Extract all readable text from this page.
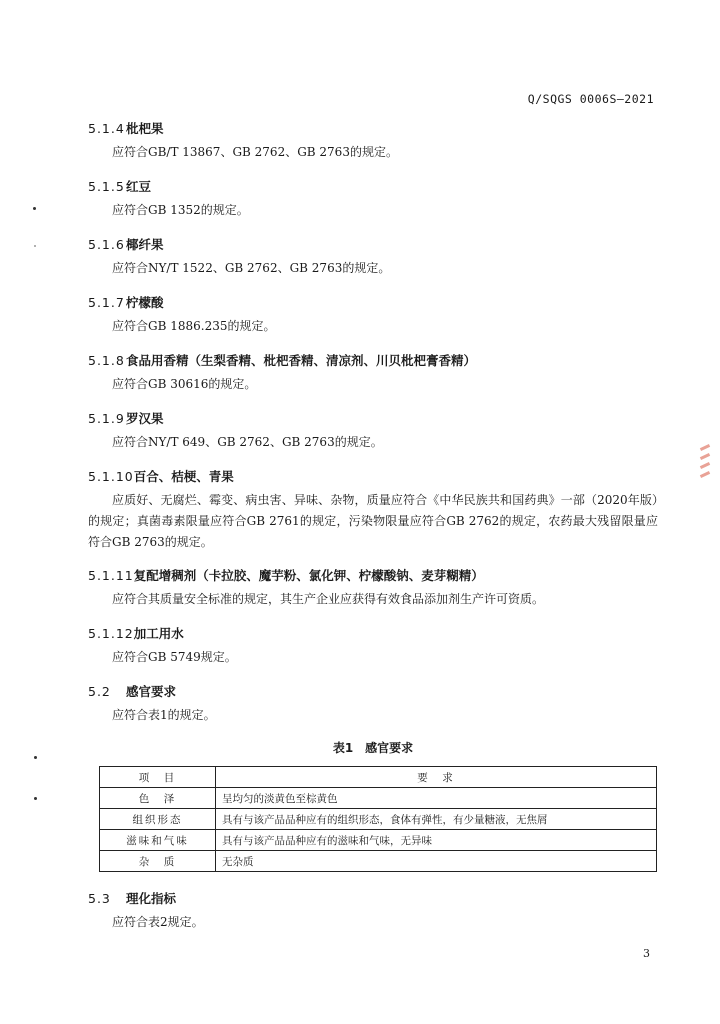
Q/SQGS 0006S—2021

5.1.4枇杷果

应符合GB/T 13867、GB 2762、GB 2763的规定。

5.1.5红豆

应符合GB 1352的规定。

5.1.6椰纤果

应符合NY/T 1522、GB 2762、GB 2763的规定。

5.1.7柠檬酸

应符合GB 1886.235的规定。

5.1.8食品用香精（生梨香精、枇杷香精、清凉剂、川贝枇杷膏香精）

应符合GB 30616的规定。

5.1.9罗汉果

应符合NY/T 649、GB 2762、GB 2763的规定。

5.1.10百合、桔梗、青果

应质好、无腐烂、霉变、病虫害、异味、杂物，质量应符合《中华民族共和国药典》一部（2020年版）的规定；真菌毒素限量应符合GB 2761的规定，污染物限量应符合GB 2762的规定，农药最大残留限量应符合GB 2763的规定。

5.1.11复配增稠剂（卡拉胶、魔芋粉、氯化钾、柠檬酸钠、麦芽糊精）

应符合其质量安全标准的规定，其生产企业应获得有效食品添加剂生产许可资质。

5.1.12加工用水

应符合GB 5749规定。

5.2 感官要求

应符合表1的规定。

表1　感官要求
项　目	要　求
色　泽	呈均匀的淡黄色至棕黄色
组织形态	具有与该产品品种应有的组织形态，食体有弹性，有少量糖液，无焦屑
滋味和气味	具有与该产品品种应有的滋味和气味，无异味
杂　质	无杂质

5.3 理化指标

应符合表2规定。

3
